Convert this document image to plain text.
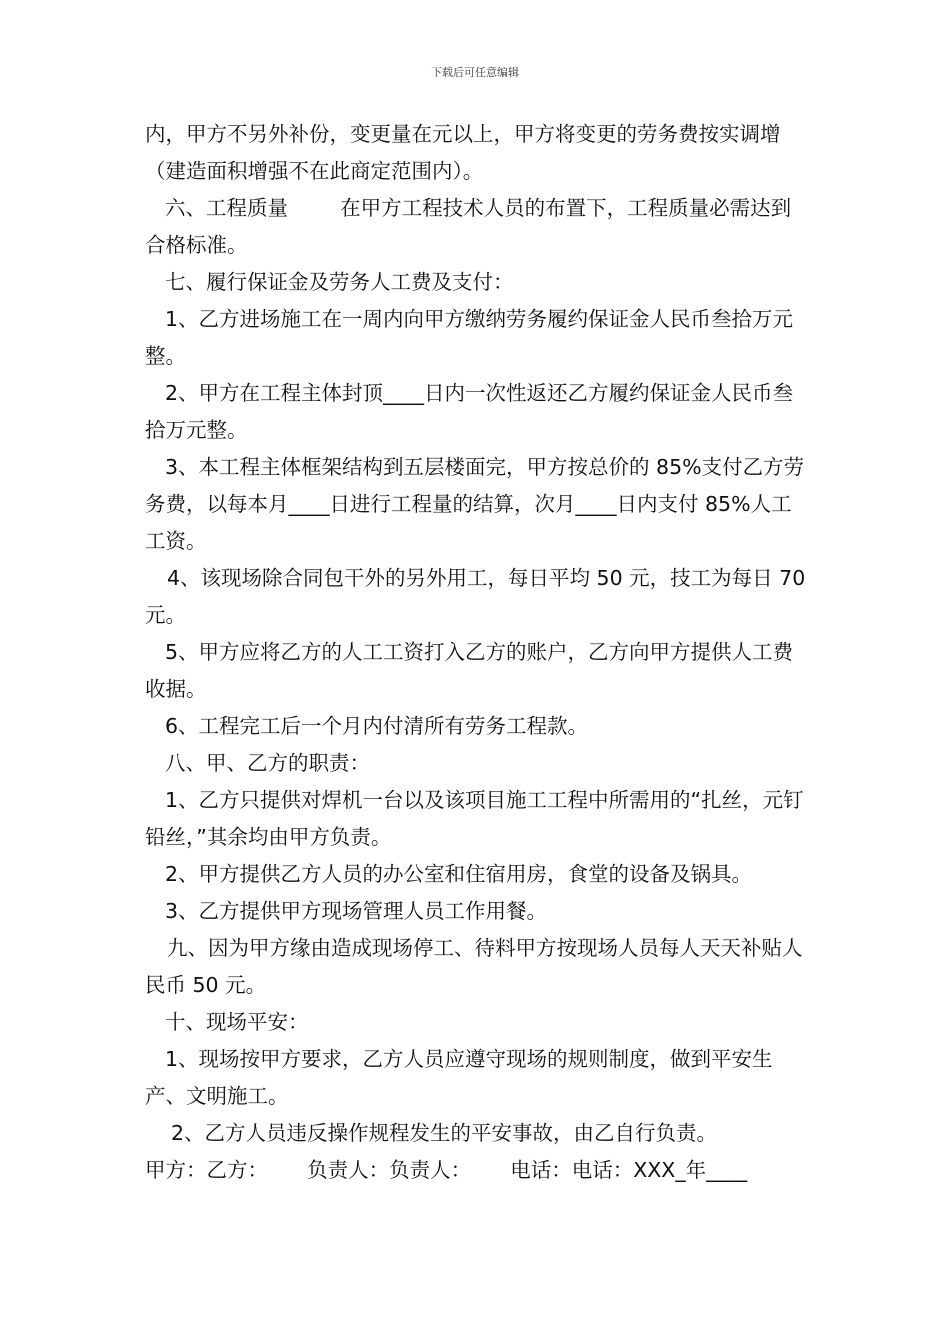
下载后可任意编辑

内，甲方不另外补份，变更量在元以上，甲方将变更的劳务费按实调增（建造面积增强不在此商定范围内）。

六、工程质量        在甲方工程技术人员的布置下，工程质量必需达到合格标准。

七、履行保证金及劳务人工费及支付：

1、乙方进场施工在一周内向甲方缴纳劳务履约保证金人民币叁拾万元整。

2、甲方在工程主体封顶____日内一次性返还乙方履约保证金人民币叁拾万元整。

3、本工程主体框架结构到五层楼面完，甲方按总价的 85%支付乙方劳务费，以每本月____日进行工程量的结算，次月____日内支付 85%人工工资。

4、该现场除合同包干外的另外用工，每日平均 50 元，技工为每日 70 元。

5、甲方应将乙方的人工工资打入乙方的账户，乙方向甲方提供人工费收据。

6、工程完工后一个月内付清所有劳务工程款。

八、甲、乙方的职责：

1、乙方只提供对焊机一台以及该项目施工工程中所需用的“扎丝，元钉铅丝，”其余均由甲方负责。

2、甲方提供乙方人员的办公室和住宿用房，食堂的设备及锅具。

3、乙方提供甲方现场管理人员工作用餐。

九、因为甲方缘由造成现场停工、待料甲方按现场人员每人天天补贴人民币 50 元。

十、现场平安：

1、现场按甲方要求，乙方人员应遵守现场的规则制度，做到平安生产、文明施工。

2、乙方人员违反操作规程发生的平安事故，由乙自行负责。

甲方：乙方：      负责人：负责人：      电话：电话：XXX_年____
